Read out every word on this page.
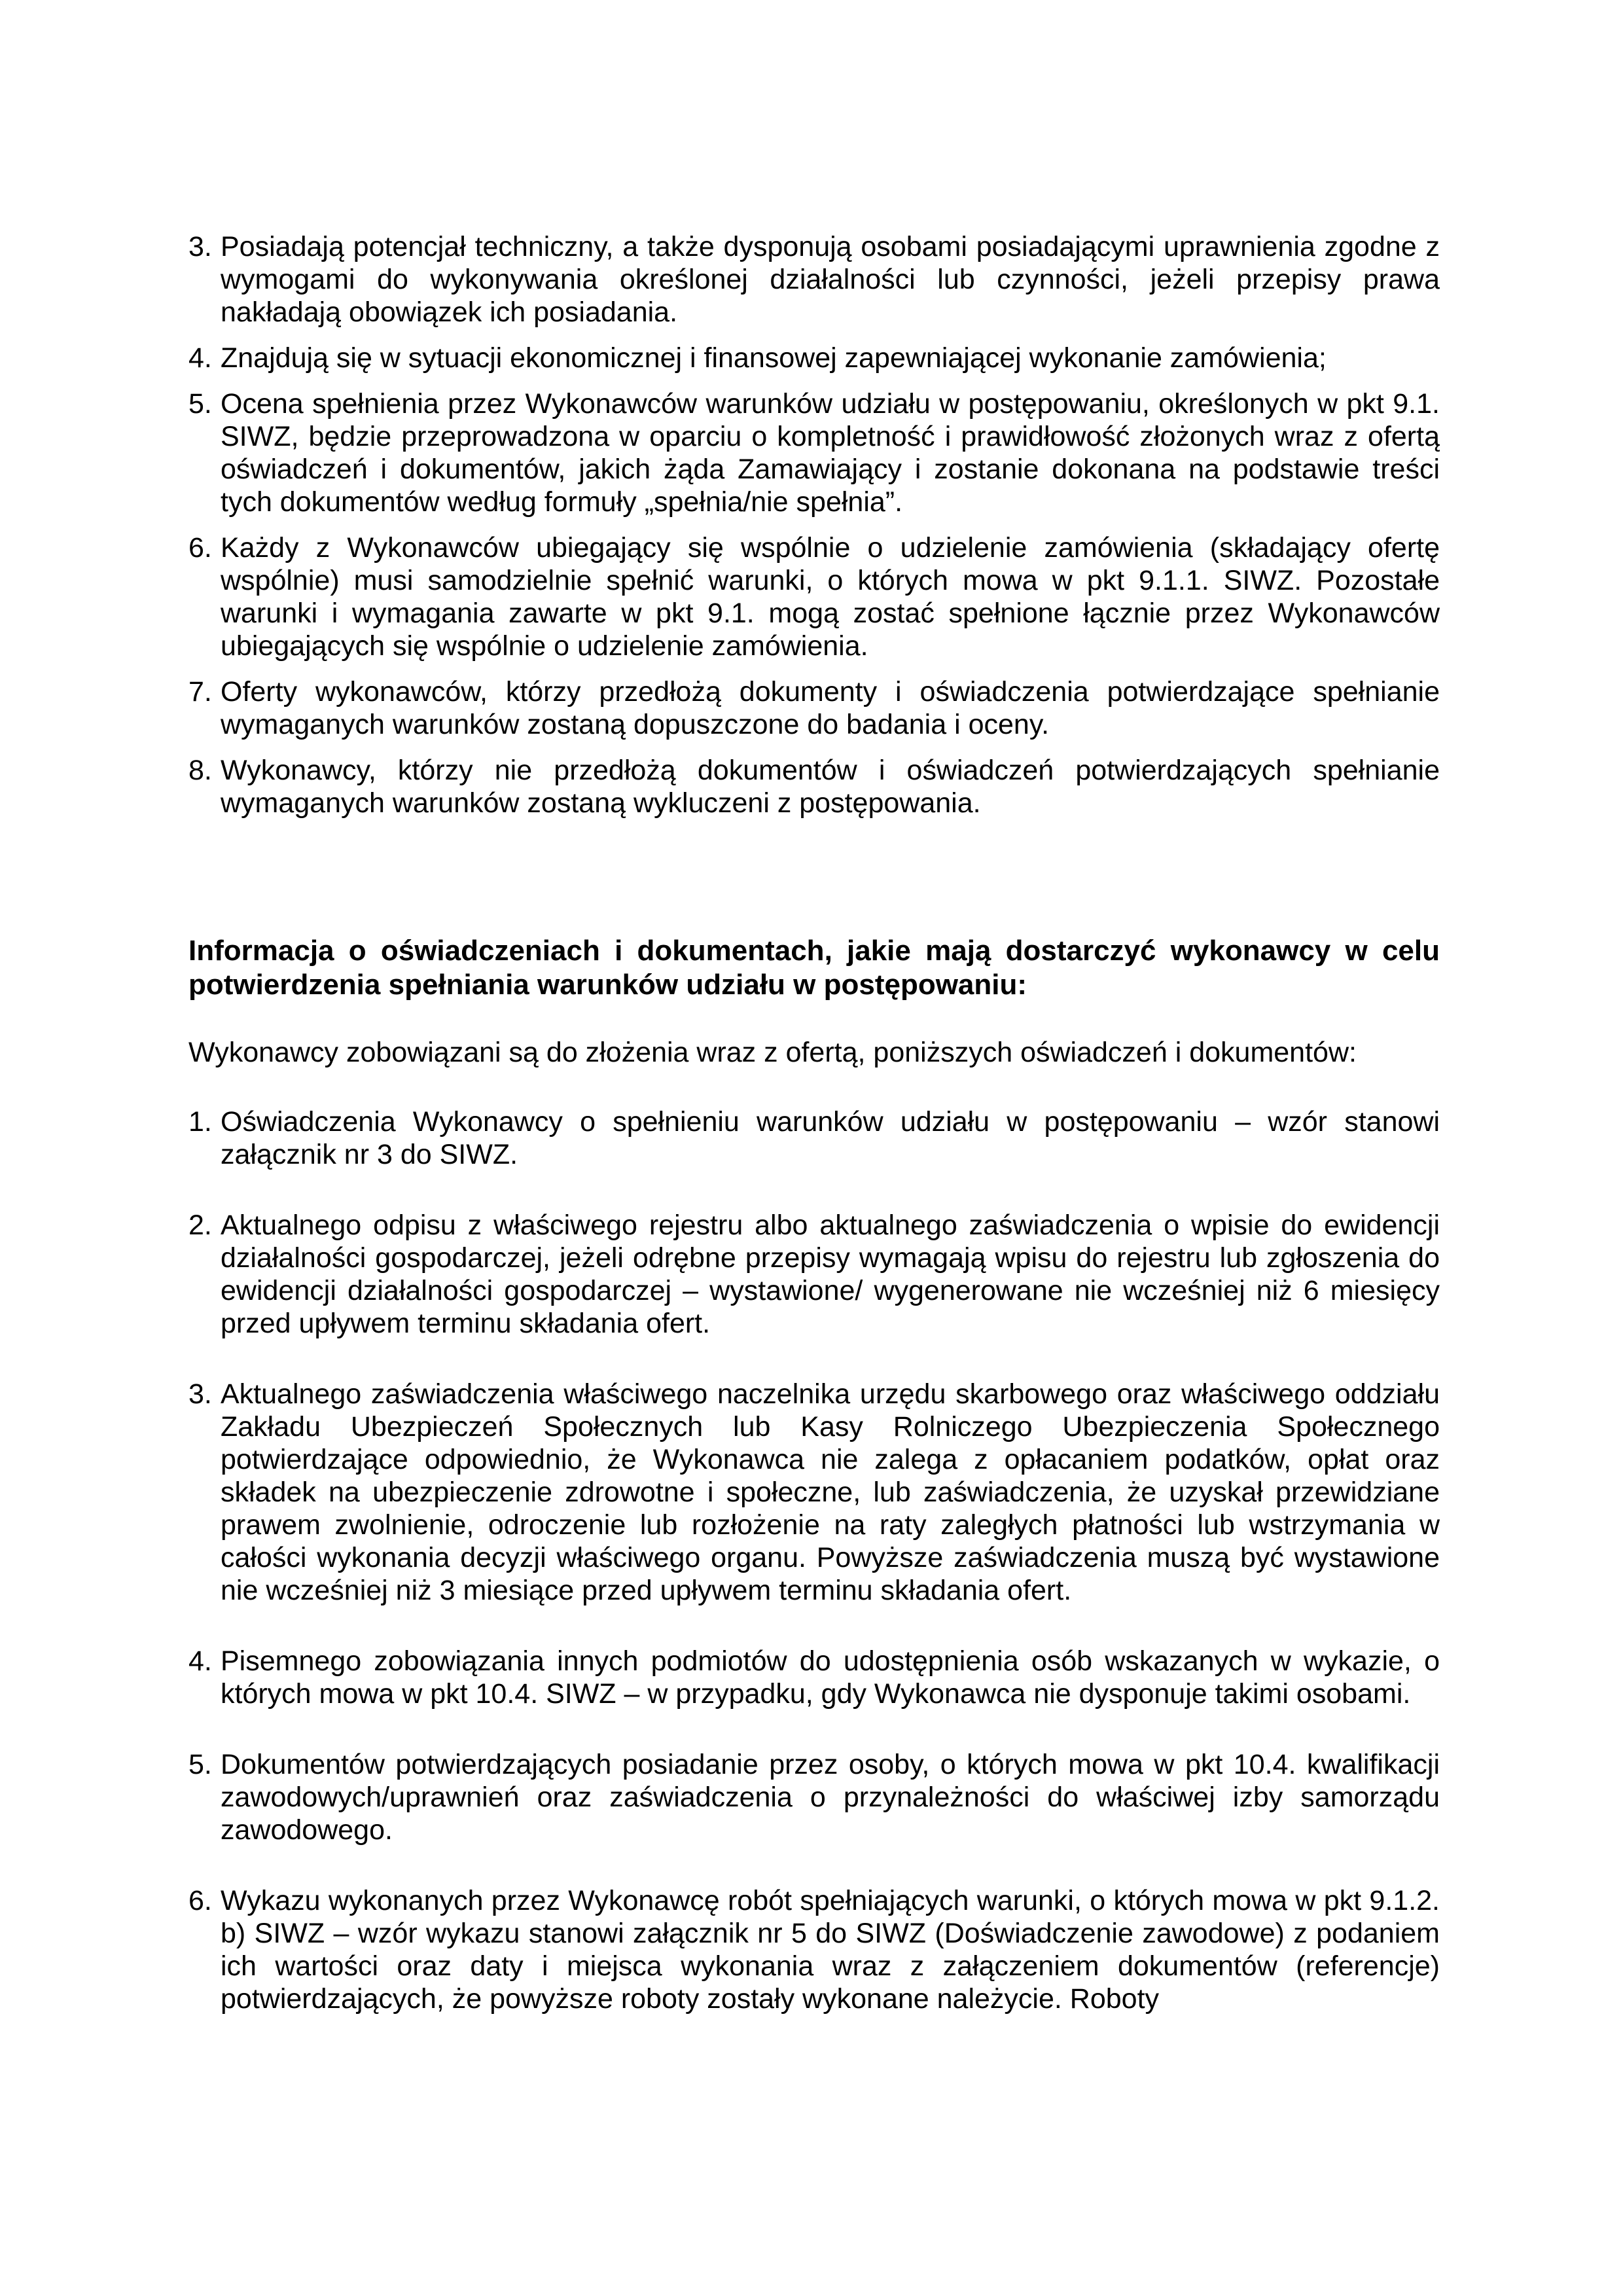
3. Posiadają potencjał techniczny, a także dysponują osobami posiadającymi uprawnienia zgodne z wymogami do wykonywania określonej działalności lub czynności, jeżeli przepisy prawa nakładają obowiązek ich posiadania.
4. Znajdują się w sytuacji ekonomicznej i finansowej zapewniającej wykonanie zamówienia;
5. Ocena spełnienia przez Wykonawców warunków udziału w postępowaniu, określonych w pkt 9.1. SIWZ, będzie przeprowadzona w oparciu o kompletność i prawidłowość złożonych wraz z ofertą oświadczeń i dokumentów, jakich żąda Zamawiający i zostanie dokonana na podstawie treści tych dokumentów według formuły „spełnia/nie spełnia”.
6. Każdy z Wykonawców ubiegający się wspólnie o udzielenie zamówienia (składający ofertę wspólnie) musi samodzielnie spełnić warunki, o których mowa w pkt 9.1.1. SIWZ. Pozostałe warunki i wymagania zawarte w pkt 9.1. mogą zostać spełnione łącznie przez Wykonawców ubiegających się wspólnie o udzielenie zamówienia.
7. Oferty wykonawców, którzy przedłożą dokumenty i oświadczenia potwierdzające spełnianie wymaganych warunków zostaną dopuszczone do badania i oceny.
8. Wykonawcy, którzy nie przedłożą dokumentów i oświadczeń potwierdzających spełnianie wymaganych warunków zostaną wykluczeni z postępowania.
Informacja o oświadczeniach i dokumentach, jakie mają dostarczyć wykonawcy w celu potwierdzenia spełniania warunków udziału w postępowaniu:
Wykonawcy zobowiązani są do złożenia wraz z ofertą, poniższych oświadczeń i dokumentów:
1. Oświadczenia Wykonawcy o spełnieniu warunków udziału w postępowaniu – wzór stanowi załącznik nr 3 do SIWZ.
2. Aktualnego odpisu z właściwego rejestru albo aktualnego zaświadczenia o wpisie do ewidencji działalności gospodarczej, jeżeli odrębne przepisy wymagają wpisu do rejestru lub zgłoszenia do ewidencji działalności gospodarczej – wystawione/ wygenerowane nie wcześniej niż 6 miesięcy przed upływem terminu składania ofert.
3. Aktualnego zaświadczenia właściwego naczelnika urzędu skarbowego oraz właściwego oddziału Zakładu Ubezpieczeń Społecznych lub Kasy Rolniczego Ubezpieczenia Społecznego potwierdzające odpowiednio, że Wykonawca nie zalega z opłacaniem podatków, opłat oraz składek na ubezpieczenie zdrowotne i społeczne, lub zaświadczenia, że uzyskał przewidziane prawem zwolnienie, odroczenie lub rozłożenie na raty zaległych płatności lub wstrzymania w całości wykonania decyzji właściwego organu. Powyższe zaświadczenia muszą być wystawione nie wcześniej niż 3 miesiące przed upływem terminu składania ofert.
4. Pisemnego zobowiązania innych podmiotów do udostępnienia osób wskazanych w wykazie, o których mowa w pkt 10.4. SIWZ – w przypadku, gdy Wykonawca nie dysponuje takimi osobami.
5. Dokumentów potwierdzających posiadanie przez osoby, o których mowa w pkt 10.4. kwalifikacji zawodowych/uprawnień oraz zaświadczenia o przynależności do właściwej izby samorządu zawodowego.
6. Wykazu wykonanych przez Wykonawcę robót spełniających warunki, o których mowa w pkt 9.1.2. b) SIWZ – wzór wykazu stanowi załącznik nr 5 do SIWZ (Doświadczenie zawodowe) z podaniem ich wartości oraz daty i miejsca wykonania wraz z załączeniem dokumentów (referencje) potwierdzających, że powyższe roboty zostały wykonane należycie. Roboty
